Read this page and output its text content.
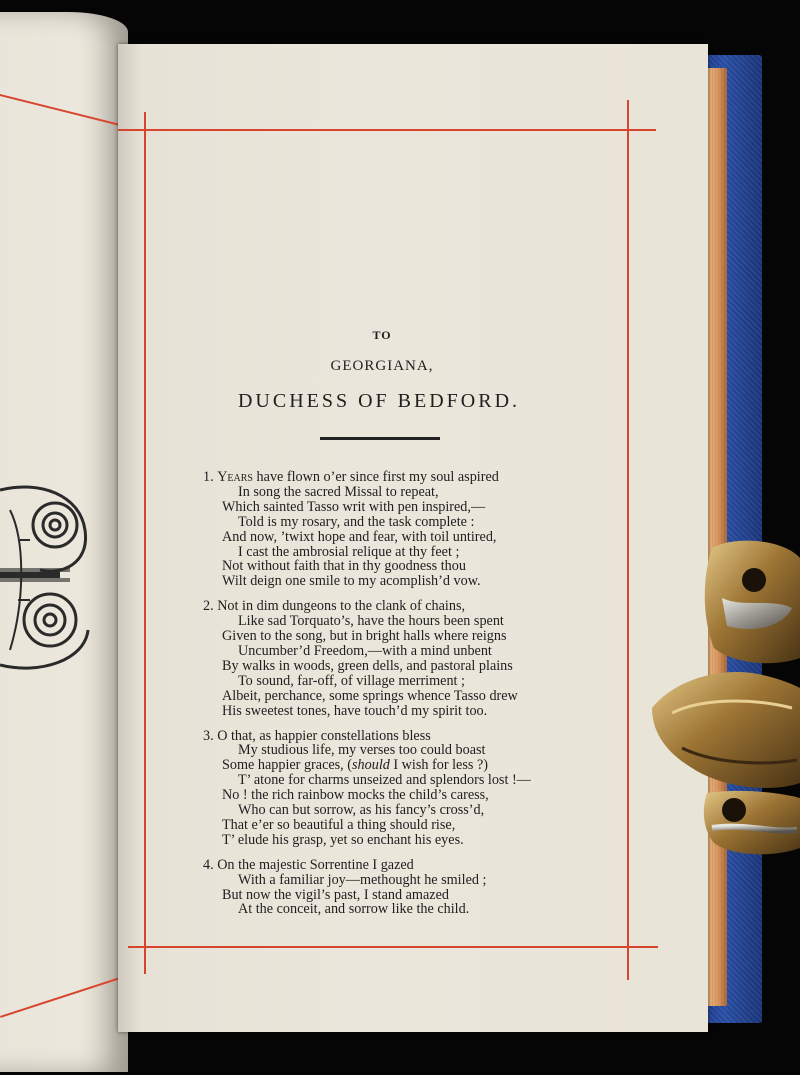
TO
GEORGIANA,
DUCHESS OF BEDFORD.
1. Years have flown o’er since first my soul aspired
In song the sacred Missal to repeat,
Which sainted Tasso writ with pen inspired,—
Told is my rosary, and the task complete :
And now, ’twixt hope and fear, with toil untired,
I cast the ambrosial relique at thy feet ;
Not without faith that in thy goodness thou
Wilt deign one smile to my acomplish’d vow.
2. Not in dim dungeons to the clank of chains,
Like sad Torquato’s, have the hours been spent
Given to the song, but in bright halls where reigns
Uncumber’d Freedom,—with a mind unbent
By walks in woods, green dells, and pastoral plains
To sound, far-off, of village merriment ;
Albeit, perchance, some springs whence Tasso drew
His sweetest tones, have touch’d my spirit too.
3. O that, as happier constellations bless
My studious life, my verses too could boast
Some happier graces, (should I wish for less ?)
T’ atone for charms unseized and splendors lost !—
No ! the rich rainbow mocks the child’s caress,
Who can but sorrow, as his fancy’s cross’d,
That e’er so beautiful a thing should rise,
T’ elude his grasp, yet so enchant his eyes.
4. On the majestic Sorrentine I gazed
With a familiar joy—methought he smiled ;
But now the vigil’s past, I stand amazed
At the conceit, and sorrow like the child.
